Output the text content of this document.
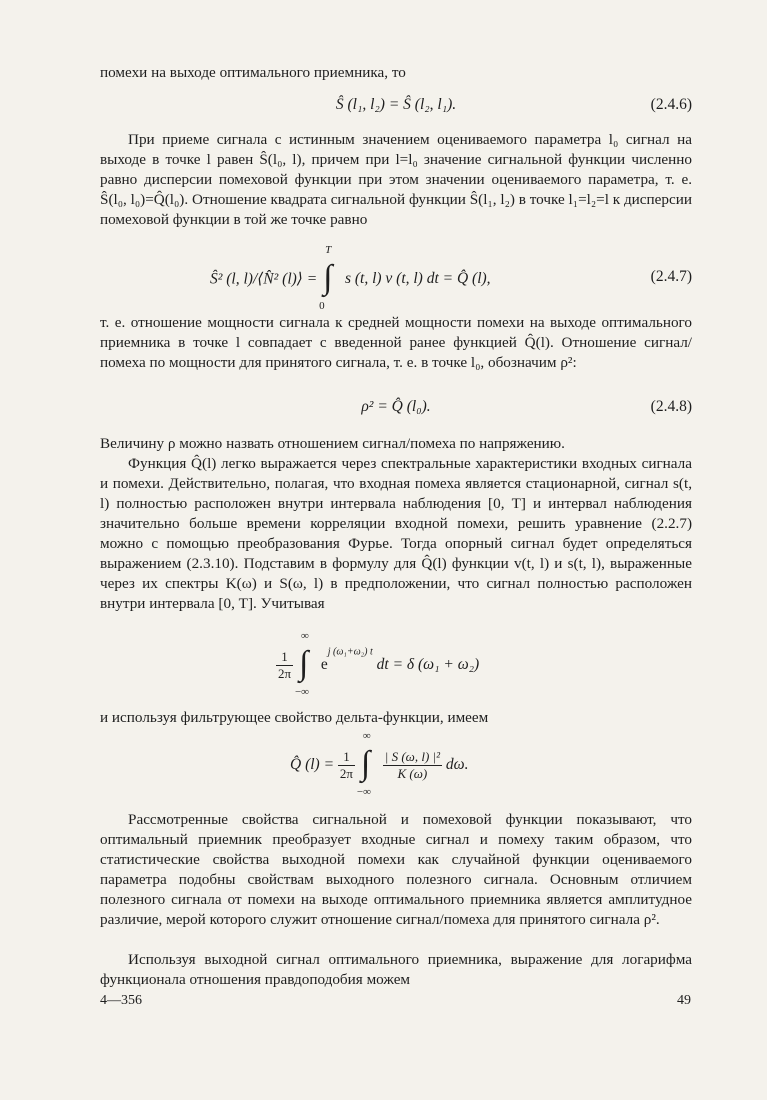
помехи на выходе оптимального приемника, то

Ŝ (l₁, l₂) = Ŝ (l₂, l₁).	(2.4.6)

При приеме сигнала с истинным значением оцениваемого параметра l₀ сигнал на выходе в точке l равен Ŝ(l₀, l), причем при l=l₀ значение сигнальной функции численно равно дисперсии помеховой функции при этом значении оцениваемого параметра, т. е. Ŝ(l₀, l₀)=Q̂(l₀). Отношение квадрата сигнальной функции Ŝ(l₁, l₂) в точке l₁=l₂=l к дисперсии помеховой функции в той же точке равно

Ŝ² (l, l)/⟨N̂² (l)⟩ = ∫
T
0
s (t, l) v (t, l) dt = Q̂ (l),	(2.4.7)

т. е. отношение мощности сигнала к средней мощности помехи на выходе оптимального приемника в точке l совпадает с введенной ранее функцией Q̂(l). Отношение сигнал/помеха по мощности для принятого сигнала, т. е. в точке l₀, обозначим ρ²:

ρ² = Q̂ (l₀).	(2.4.8)

Величину ρ можно назвать отношением сигнал/помеха по напряжению.

Функция Q̂(l) легко выражается через спектральные характеристики входных сигнала и помехи. Действительно, полагая, что входная помеха является стационарной, сигнал s(t, l) полностью расположен внутри интервала наблюдения [0, T] и интервал наблюдения значительно больше времени корреляции входной помехи, решить уравнение (2.2.7) можно с помощью преобразования Фурье. Тогда опорный сигнал будет определяться выражением (2.3.10). Подставим в формулу для Q̂(l) функции v(t, l) и s(t, l), выраженные через их спектры K(ω) и S(ω, l) в предположении, что сигнал полностью расположен внутри интервала [0, T]. Учитывая

$\frac{1}{2\pi}$
∫
∞
−∞
$e^{j (\omega_1+\omega_2) t}$ dt = δ (ω₁ + ω₂)

и используя фильтрующее свойство дельта-функции, имеем

Q̂ $(l) = \frac{1}{2\pi}$
∫
∞
−∞

$\frac{\text{| S (ω, l) |²}}{K (\omega)} d\omega$.

Рассмотренные свойства сигнальной и помеховой функции показывают, что оптимальный приемник преобразует входные сигнал и помеху таким образом, что статистические свойства выходной помехи как случайной функции оцениваемого параметра подобны свойствам выходного полезного сигнала. Основным отличием полезного сигнала от помехи на выходе оптимального приемника является амплитудное различие, мерой которого служит отношение сигнал/помеха для принятого сигнала ρ².

Используя выходной сигнал оптимального приемника, выражение для логарифма функционала отношения правдоподобия можем

4—356	49
